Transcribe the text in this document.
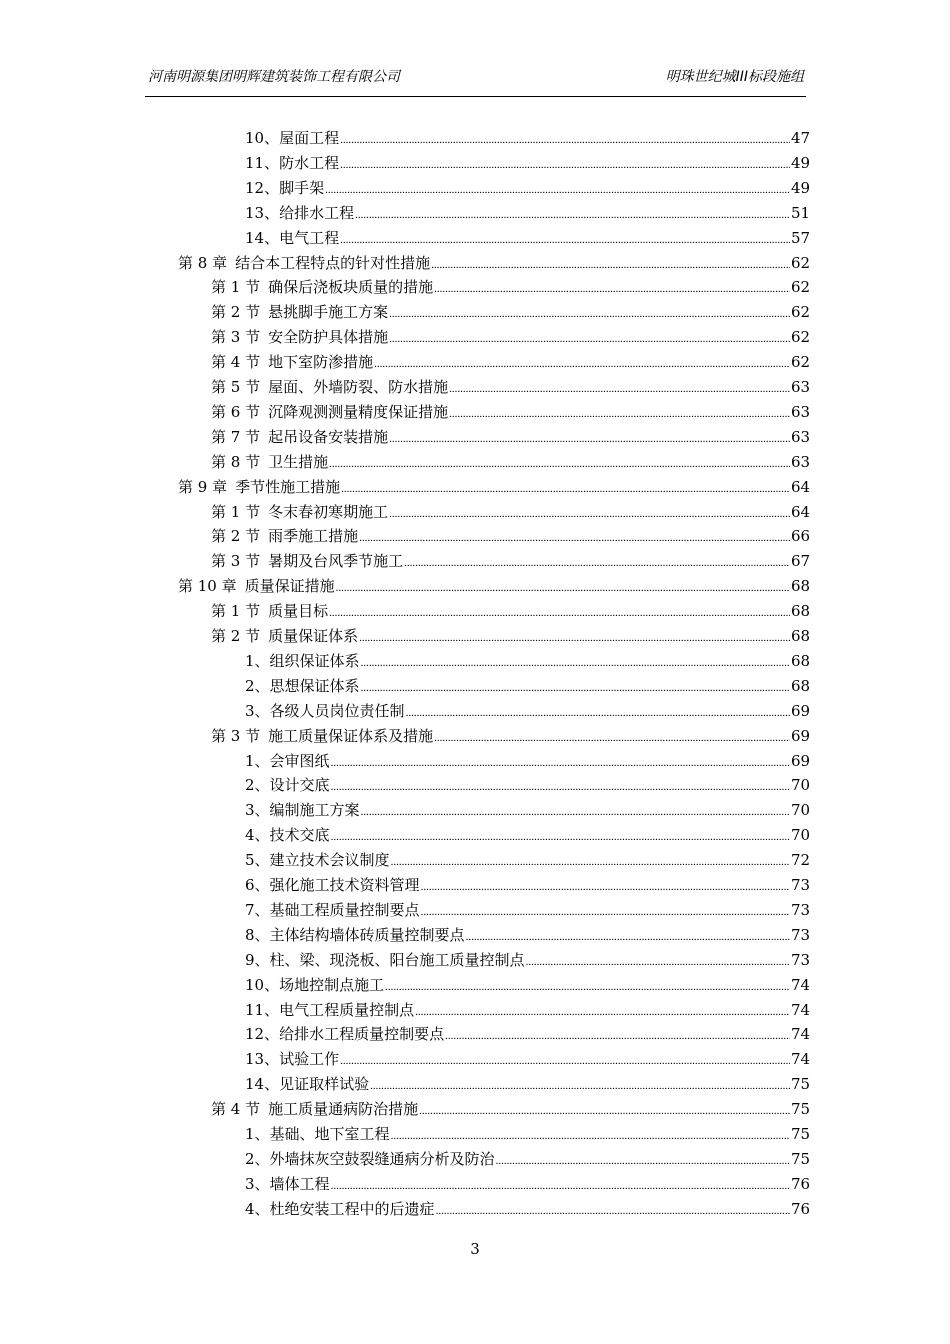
河南明源集团明辉建筑装饰工程有限公司	明珠世纪城III标段施组
10、 屋面工程 .....	47
11、 防水工程 .....	49
12、 脚手架 .....	49
13、 给排水工程 .....	51
14、 电气工程 .....	57
第 8 章 结合本工程特点的针对性措施 .....	62
第 1 节 确保后浇板块质量的措施 .....	62
第 2 节 悬挑脚手施工方案 .....	62
第 3 节 安全防护具体措施 .....	62
第 4 节 地下室防渗措施 .....	62
第 5 节 屋面、外墙防裂、防水措施 .....	63
第 6 节 沉降观测测量精度保证措施 .....	63
第 7 节 起吊设备安装措施 .....	63
第 8 节 卫生措施 .....	63
第 9 章 季节性施工措施 .....	64
第 1 节 冬末春初寒期施工 .....	64
第 2 节 雨季施工措施 .....	66
第 3 节 暑期及台风季节施工 .....	67
第 10 章 质量保证措施 .....	68
第 1 节 质量目标 .....	68
第 2 节 质量保证体系 .....	68
1、 组织保证体系 .....	68
2、 思想保证体系 .....	68
3、 各级人员岗位责任制 .....	69
第 3 节 施工质量保证体系及措施 .....	69
1、 会审图纸 .....	69
2、 设计交底 .....	70
3、 编制施工方案 .....	70
4、 技术交底 .....	70
5、 建立技术会议制度 .....	72
6、 强化施工技术资料管理 .....	73
7、 基础工程质量控制要点 .....	73
8、 主体结构墙体砖质量控制要点 .....	73
9、 柱、梁、现浇板、阳台施工质量控制点 .....	73
10、 场地控制点施工 .....	74
11、 电气工程质量控制点 .....	74
12、 给排水工程质量控制要点 .....	74
13、 试验工作 .....	74
14、 见证取样试验 .....	75
第 4 节 施工质量通病防治措施 .....	75
1、 基础、地下室工程 .....	75
2、 外墙抹灰空鼓裂缝通病分析及防治 .....	75
3、 墙体工程 .....	76
4、 杜绝安装工程中的后遗症 .....	76
3
